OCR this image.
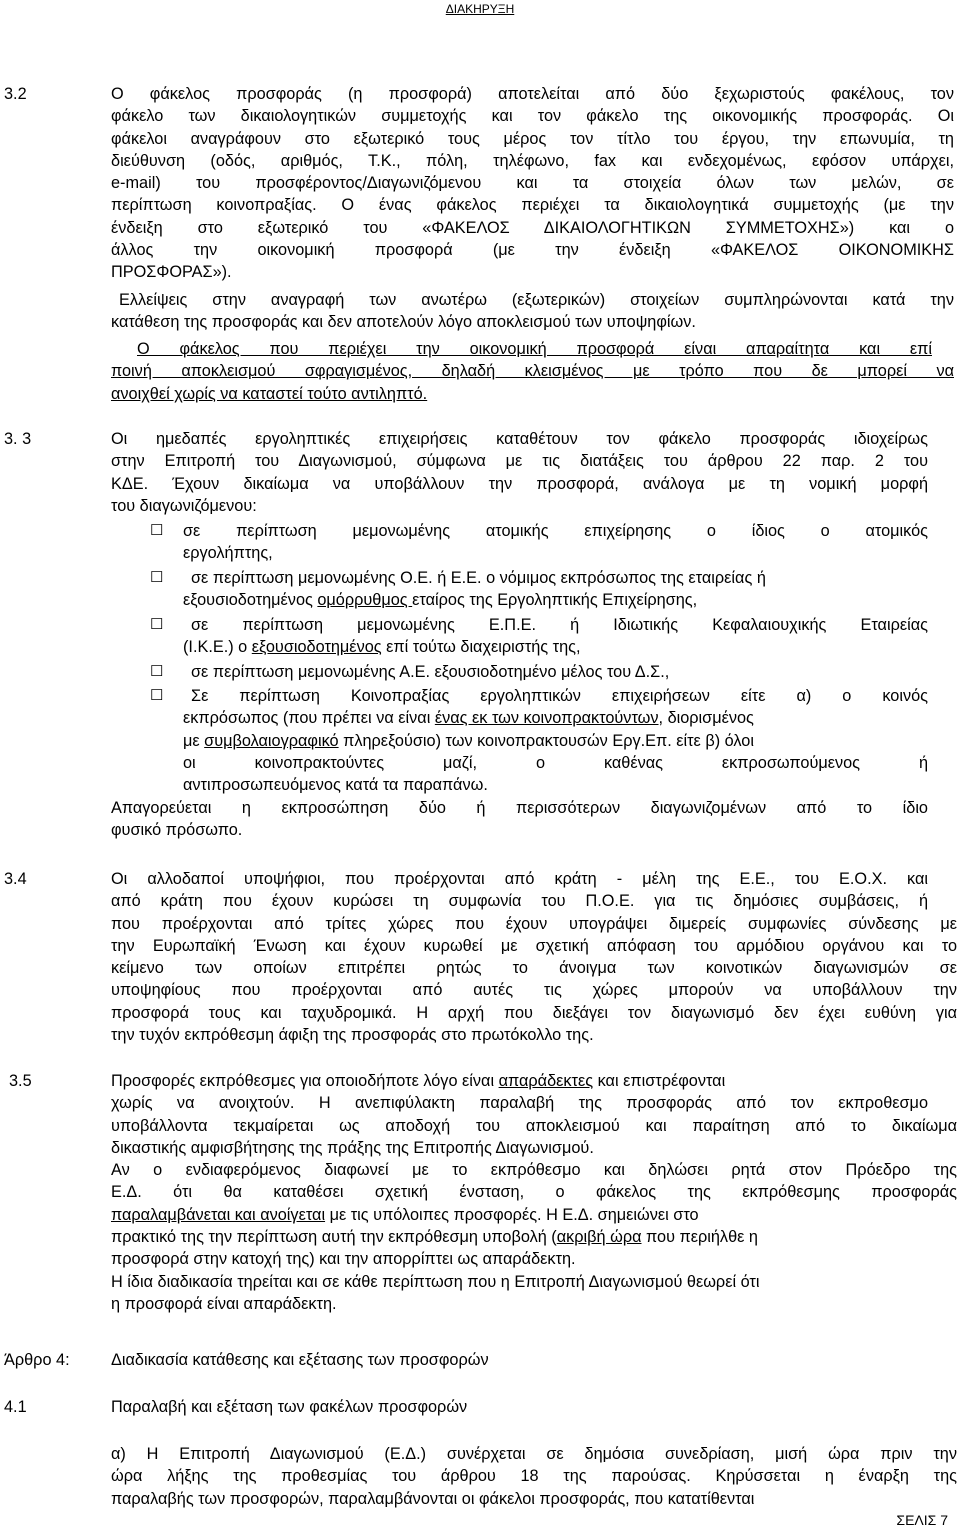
ΔΙΑΚΗΡΥΞΗ
3.2	Ο φάκελος προσφοράς (η προσφορά) αποτελείται από δύο ξεχωριστούς φακέλους, τον
φάκελο των δικαιολογητικών συμμετοχής και τον φάκελο της οικονομικής προσφοράς. Οι
φάκελοι αναγράφουν στο εξωτερικό τους μέρος τον τίτλο του έργου, την επωνυμία, τη
διεύθυνση (οδός, αριθμός, Τ.Κ., πόλη, τηλέφωνο, fax και ενδεχομένως, εφόσον υπάρχει,
e-mail) του προσφέροντος/Διαγωνιζόμενου και τα στοιχεία όλων των μελών, σε
περίπτωση κοινοπραξίας. Ο ένας φάκελος περιέχει τα δικαιολογητικά συμμετοχής (με την
ένδειξη στο εξωτερικό του «ΦΑΚΕΛΟΣ ΔΙΚΑΙΟΛΟΓΗΤΙΚΩΝ ΣΥΜΜΕΤΟΧΗΣ») και ο
άλλος την οικονομική προσφορά (με την ένδειξη «ΦΑΚΕΛΟΣ ΟΙΚΟΝΟΜΙΚΗΣ
ΠΡΟΣΦΟΡΑΣ»).
Ελλείψεις στην αναγραφή των ανωτέρω (εξωτερικών) στοιχείων συμπληρώνονται κατά την
κατάθεση της προσφοράς και δεν αποτελούν λόγο αποκλεισμού των υποψηφίων.
Ο φάκελος που περιέχει την οικονομική προσφορά είναι απαραίτητα και επί
ποινή αποκλεισμού σφραγισμένος, δηλαδή κλεισμένος με τρόπο που δε μπορεί να
ανοιχθεί χωρίς να καταστεί τούτο αντιληπτό.
3. 3	Οι ημεδαπές εργοληπτικές επιχειρήσεις καταθέτουν τον φάκελο προσφοράς ιδιοχείρως
στην Επιτροπή του Διαγωνισμού, σύμφωνα με τις διατάξεις του άρθρου 22 παρ. 2 του
ΚΔΕ. Έχουν δικαίωμα να υποβάλλουν την προσφορά, ανάλογα με τη νομική μορφή
του διαγωνιζόμενου:
☐ σε περίπτωση μεμονωμένης ατομικής επιχείρησης ο ίδιος ο ατομικός
εργολήπτης,
☐	σε περίπτωση μεμονωμένης Ο.Ε. ή Ε.Ε. ο νόμιμος εκπρόσωπος της εταιρείας ή
εξουσιοδοτημένος ομόρρυθμος εταίρος της Εργοληπτικής Επιχείρησης,
☐	σε περίπτωση μεμονωμένης Ε.Π.Ε. ή Ιδιωτικής Κεφαλαιουχικής Εταιρείας
(Ι.Κ.Ε.) ο εξουσιοδοτημένος επί τούτω διαχειριστής της,
☐ σε περίπτωση μεμονωμένης Α.Ε. εξουσιοδοτημένο μέλος του Δ.Σ.,
☐	Σε περίπτωση Κοινοπραξίας εργοληπτικών επιχειρήσεων είτε α) ο κοινός
εκπρόσωπος (που πρέπει να είναι ένας εκ των κοινοπρακτούντων, διορισμένος
με συμβολαιογραφικό πληρεξούσιο) των κοινοπρακτουσών Εργ.Επ. είτε β) όλοι
οι κοινοπρακτούντες μαζί, ο καθένας εκπροσωπούμενος ή
αντιπροσωπευόμενος κατά τα παραπάνω.
Απαγορεύεται η εκπροσώπηση δύο ή περισσότερων διαγωνιζομένων από το ίδιο
φυσικό πρόσωπο.
3.4	Οι αλλοδαποί υποψήφιοι, που προέρχονται από κράτη - μέλη της Ε.Ε., του Ε.Ο.Χ. και
από κράτη που έχουν κυρώσει τη συμφωνία του Π.Ο.Ε. για τις δημόσιες συμβάσεις, ή
που προέρχονται από τρίτες χώρες που έχουν υπογράψει διμερείς συμφωνίες σύνδεσης με
την Ευρωπαϊκή Ένωση και έχουν κυρωθεί με σχετική απόφαση του αρμόδιου οργάνου και το
κείμενο των οποίων επιτρέπει ρητώς το άνοιγμα των κοινοτικών διαγωνισμών σε
υποψηφίους που προέρχονται από αυτές τις χώρες μπορούν να υποβάλλουν την
προσφορά τους και ταχυδρομικά. Η αρχή που διεξάγει τον διαγωνισμό δεν έχει ευθύνη για
την τυχόν εκπρόθεσμη άφιξη της προσφοράς στο πρωτόκολλο της.
3.5	Προσφορές εκπρόθεσμες για οποιοδήποτε λόγο είναι απαράδεκτες και επιστρέφονται
χωρίς να ανοιχτούν. Η ανεπιφύλακτη παραλαβή της προσφοράς από τον εκπροθεσμο
υποβάλλοντα τεκμαίρεται ως αποδοχή του αποκλεισμού και παραίτηση από το δικαίωμα
δικαστικής αμφισβήτησης της πράξης της Επιτροπής Διαγωνισμού.
Αν ο ενδιαφερόμενος διαφωνεί με το εκπρόθεσμο και δηλώσει ρητά στον Πρόεδρο της
Ε.Δ. ότι θα καταθέσει σχετική ένσταση, ο φάκελος της εκπρόθεσμης προσφοράς
παραλαμβάνεται και ανοίγεται με τις υπόλοιπες προσφορές. Η Ε.Δ. σημειώνει στο
πρακτικό της την περίπτωση αυτή την εκπρόθεσμη υποβολή (ακριβή ώρα που περιήλθε η
προσφορά στην κατοχή της) και την απορρίπτει ως απαράδεκτη.
Η ίδια διαδικασία τηρείται και σε κάθε περίπτωση που η Επιτροπή Διαγωνισμού θεωρεί ότι
η προσφορά είναι απαράδεκτη.
Άρθρο 4:	Διαδικασία κατάθεσης και εξέτασης των προσφορών
4.1	Παραλαβή και εξέταση των φακέλων προσφορών
α) Η Επιτροπή Διαγωνισμού (Ε.Δ.) συνέρχεται σε δημόσια συνεδρίαση, μισή ώρα πριν την
ώρα λήξης της προθεσμίας του άρθρου 18 της παρούσας. Κηρύσσεται η έναρξη της
παραλαβής των προσφορών, παραλαμβάνονται οι φάκελοι προσφοράς, που κατατίθενται
ΣΕΛΙΣ 7
